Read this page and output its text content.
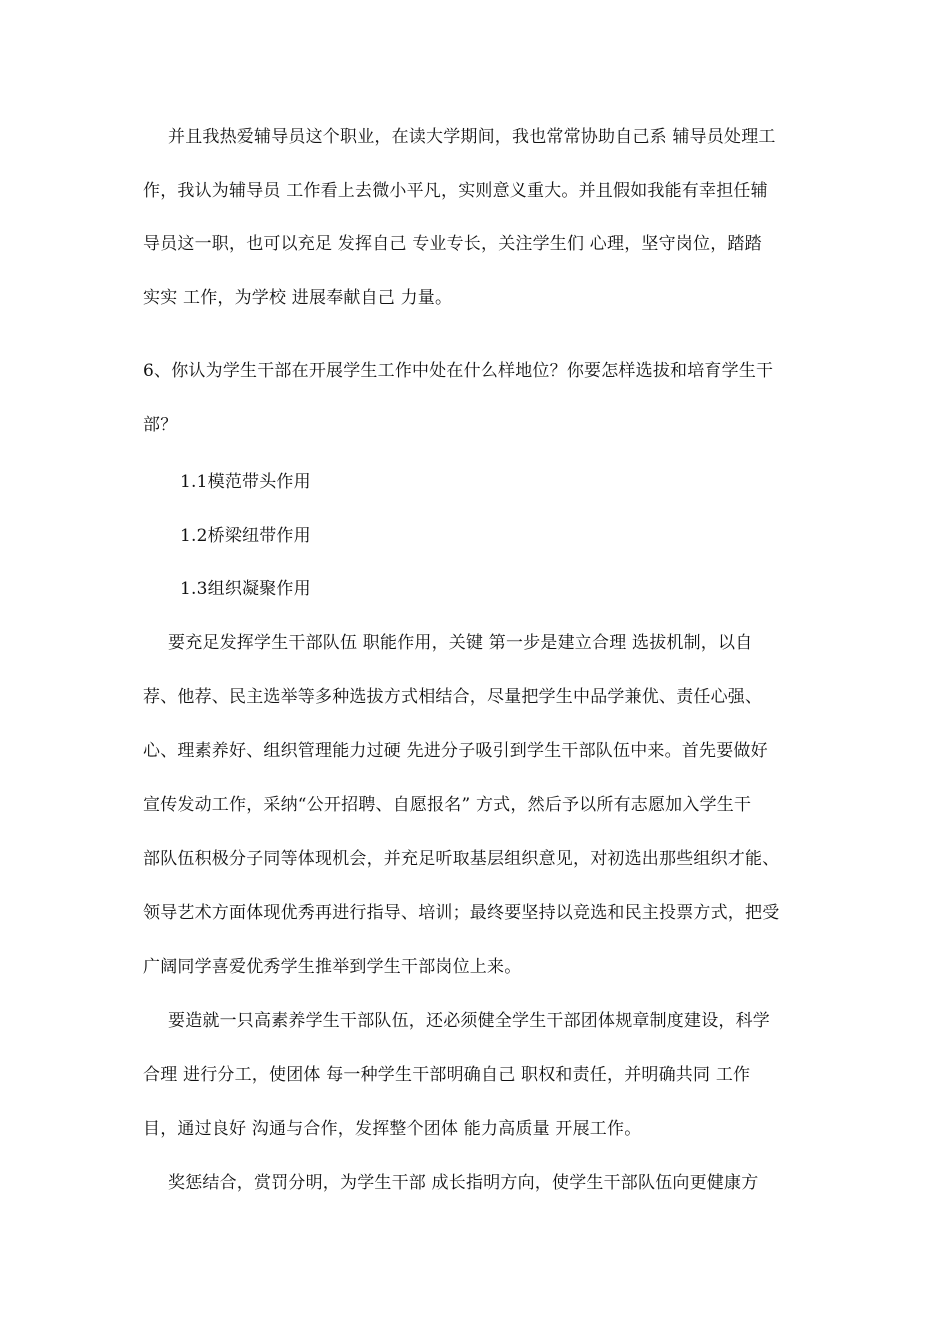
并且我热爱辅导员这个职业，在读大学期间，我也常常协助自己系 辅导员处理工
作，我认为辅导员 工作看上去微小平凡，实则意义重大。并且假如我能有幸担任辅
导员这一职，也可以充足 发挥自己 专业专长，关注学生们 心理，坚守岗位，踏踏
实实 工作，为学校 进展奉献自己 力量。
6、你认为学生干部在开展学生工作中处在什么样地位？你要怎样选拔和培育学生干
部？
1.1模范带头作用
1.2桥梁纽带作用
1.3组织凝聚作用
要充足发挥学生干部队伍 职能作用，关键 第一步是建立合理 选拔机制，以自
荐、他荐、民主选举等多种选拔方式相结合，尽量把学生中品学兼优、责任心强、
心、理素养好、组织管理能力过硬 先进分子吸引到学生干部队伍中来。首先要做好
宣传发动工作，采纳“公开招聘、自愿报名” 方式，然后予以所有志愿加入学生干
部队伍积极分子同等体现机会，并充足听取基层组织意见，对初选出那些组织才能、
领导艺术方面体现优秀再进行指导、培训；最终要坚持以竞选和民主投票方式，把受
广阔同学喜爱优秀学生推举到学生干部岗位上来。
要造就一只高素养学生干部队伍，还必须健全学生干部团体规章制度建设，科学
合理 进行分工，使团体 每一种学生干部明确自己 职权和责任，并明确共同 工作
目，通过良好 沟通与合作，发挥整个团体 能力高质量 开展工作。
奖惩结合，赏罚分明，为学生干部 成长指明方向，使学生干部队伍向更健康方
